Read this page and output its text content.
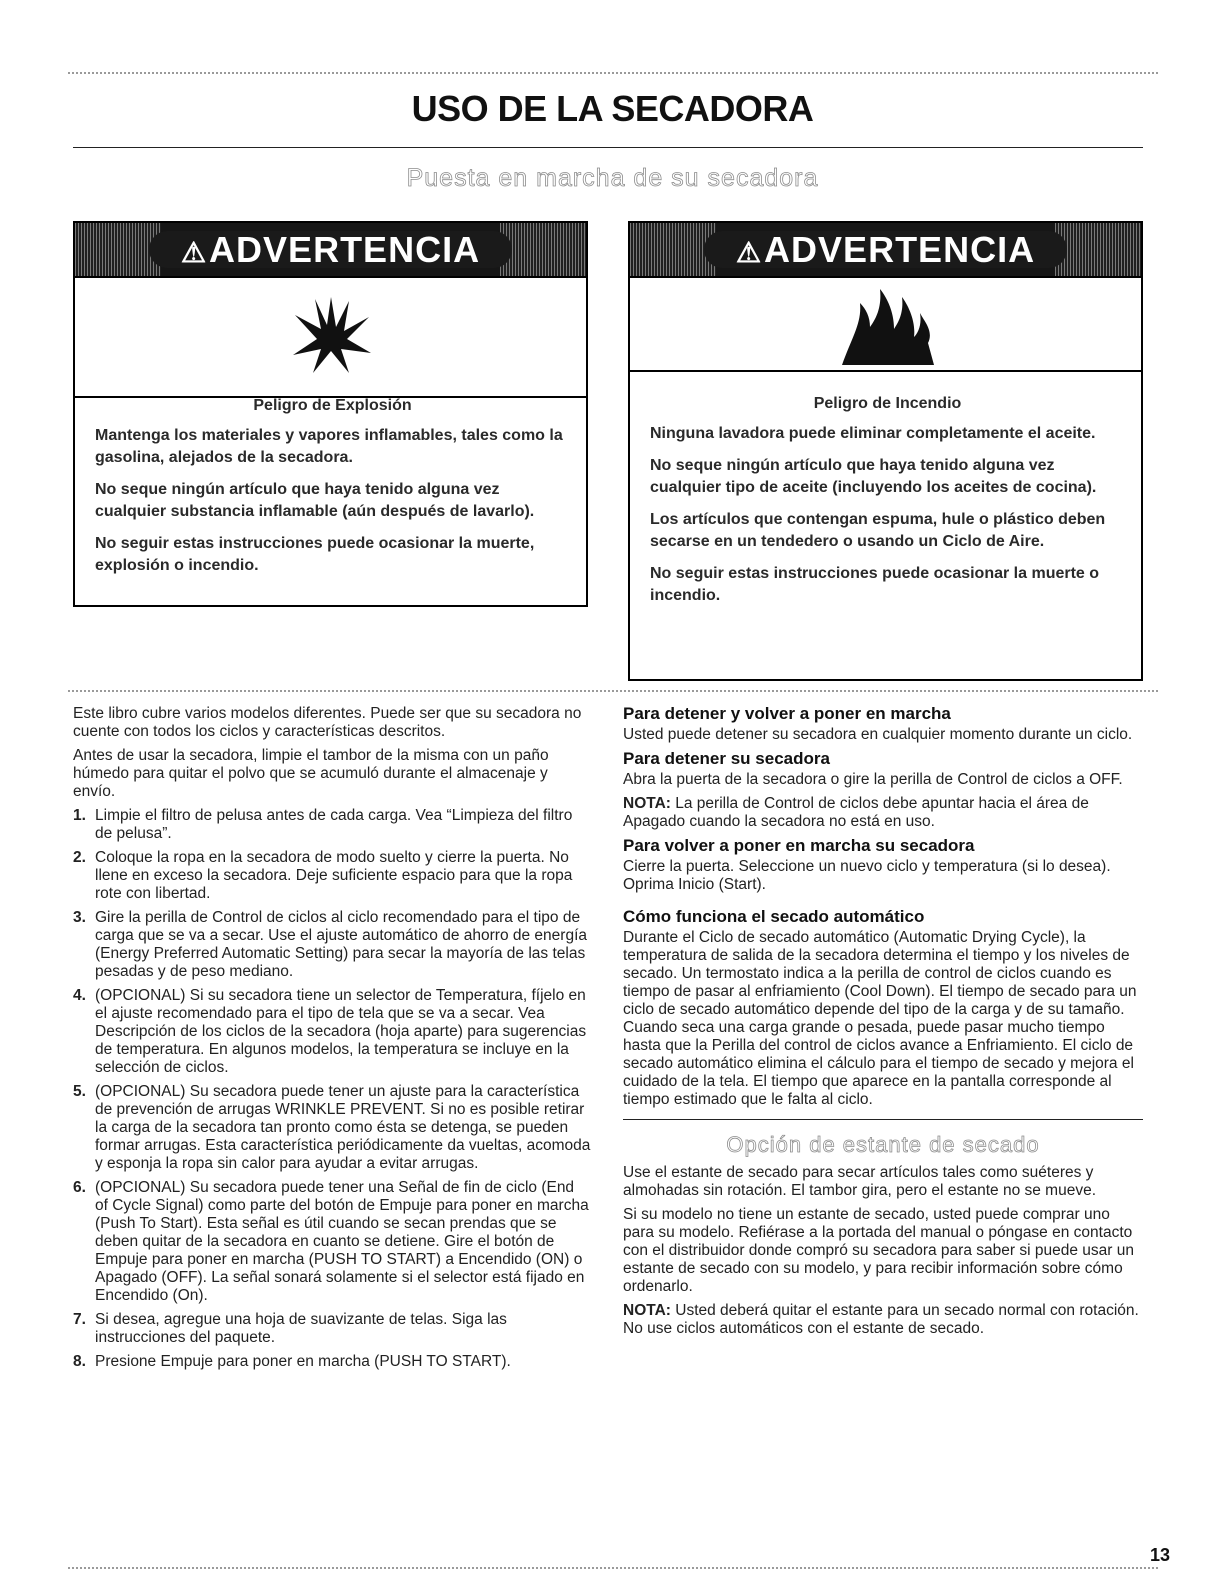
USO DE LA SECADORA
Puesta en marcha de su secadora
⚠ADVERTENCIA

Peligro de Explosión

Mantenga los materiales y vapores inflamables, tales como la gasolina, alejados de la secadora.

No seque ningún artículo que haya tenido alguna vez cualquier substancia inflamable (aún después de lavarlo).

No seguir estas instrucciones puede ocasionar la muerte, explosión o incendio.

⚠ADVERTENCIA

Peligro de Incendio

Ninguna lavadora puede eliminar completamente el aceite.

No seque ningún artículo que haya tenido alguna vez cualquier tipo de aceite (incluyendo los aceites de cocina).

Los artículos que contengan espuma, hule o plástico deben secarse en un tendedero o usando un Ciclo de Aire.

No seguir estas instrucciones puede ocasionar la muerte o incendio.

Este libro cubre varios modelos diferentes. Puede ser que su secadora no cuente con todos los ciclos y características descritos.

Antes de usar la secadora, limpie el tambor de la misma con un paño húmedo para quitar el polvo que se acumuló durante el almacenaje y envío.

1. Limpie el filtro de pelusa antes de cada carga. Vea “Limpieza del filtro de pelusa”.
2. Coloque la ropa en la secadora de modo suelto y cierre la puerta. No llene en exceso la secadora. Deje suficiente espacio para que la ropa rote con libertad.
3. Gire la perilla de Control de ciclos al ciclo recomendado para el tipo de carga que se va a secar. Use el ajuste automático de ahorro de energía (Energy Preferred Automatic Setting) para secar la mayoría de las telas pesadas y de peso mediano.
4. (OPCIONAL) Si su secadora tiene un selector de Temperatura, fíjelo en el ajuste recomendado para el tipo de tela que se va a secar. Vea Descripción de los ciclos de la secadora (hoja aparte) para sugerencias de temperatura. En algunos modelos, la temperatura se incluye en la selección de ciclos.
5. (OPCIONAL) Su secadora puede tener un ajuste para la característica de prevención de arrugas WRINKLE PREVENT. Si no es posible retirar la carga de la secadora tan pronto como ésta se detenga, se pueden formar arrugas. Esta característica periódicamente da vueltas, acomoda y esponja la ropa sin calor para ayudar a evitar arrugas.
6. (OPCIONAL) Su secadora puede tener una Señal de fin de ciclo (End of Cycle Signal) como parte del botón de Empuje para poner en marcha (Push To Start). Esta señal es útil cuando se secan prendas que se deben quitar de la secadora en cuanto se detiene. Gire el botón de Empuje para poner en marcha (PUSH TO START) a Encendido (ON) o Apagado (OFF). La señal sonará solamente si el selector está fijado en Encendido (On).
7. Si desea, agregue una hoja de suavizante de telas. Siga las instrucciones del paquete.
8. Presione Empuje para poner en marcha (PUSH TO START).
Para detener y volver a poner en marcha

Usted puede detener su secadora en cualquier momento durante un ciclo.

Para detener su secadora

Abra la puerta de la secadora o gire la perilla de Control de ciclos a OFF.

NOTA: La perilla de Control de ciclos debe apuntar hacia el área de Apagado cuando la secadora no está en uso.

Para volver a poner en marcha su secadora

Cierre la puerta. Seleccione un nuevo ciclo y temperatura (si lo desea). Oprima Inicio (Start).

Cómo funciona el secado automático

Durante el Ciclo de secado automático (Automatic Drying Cycle), la temperatura de salida de la secadora determina el tiempo y los niveles de secado. Un termostato indica a la perilla de control de ciclos cuando es tiempo de pasar al enfriamiento (Cool Down). El tiempo de secado para un ciclo de secado automático depende del tipo de la carga y de su tamaño. Cuando seca una carga grande o pesada, puede pasar mucho tiempo hasta que la Perilla del control de ciclos avance a Enfriamiento. El ciclo de secado automático elimina el cálculo para el tiempo de secado y mejora el cuidado de la tela. El tiempo que aparece en la pantalla corresponde al tiempo estimado que le falta al ciclo.

Opción de estante de secado

Use el estante de secado para secar artículos tales como suéteres y almohadas sin rotación. El tambor gira, pero el estante no se mueve.

Si su modelo no tiene un estante de secado, usted puede comprar uno para su modelo. Refiérase a la portada del manual o póngase en contacto con el distribuidor donde compró su secadora para saber si puede usar un estante de secado con su modelo, y para recibir información sobre cómo ordenarlo.

NOTA: Usted deberá quitar el estante para un secado normal con rotación. No use ciclos automáticos con el estante de secado.

13
